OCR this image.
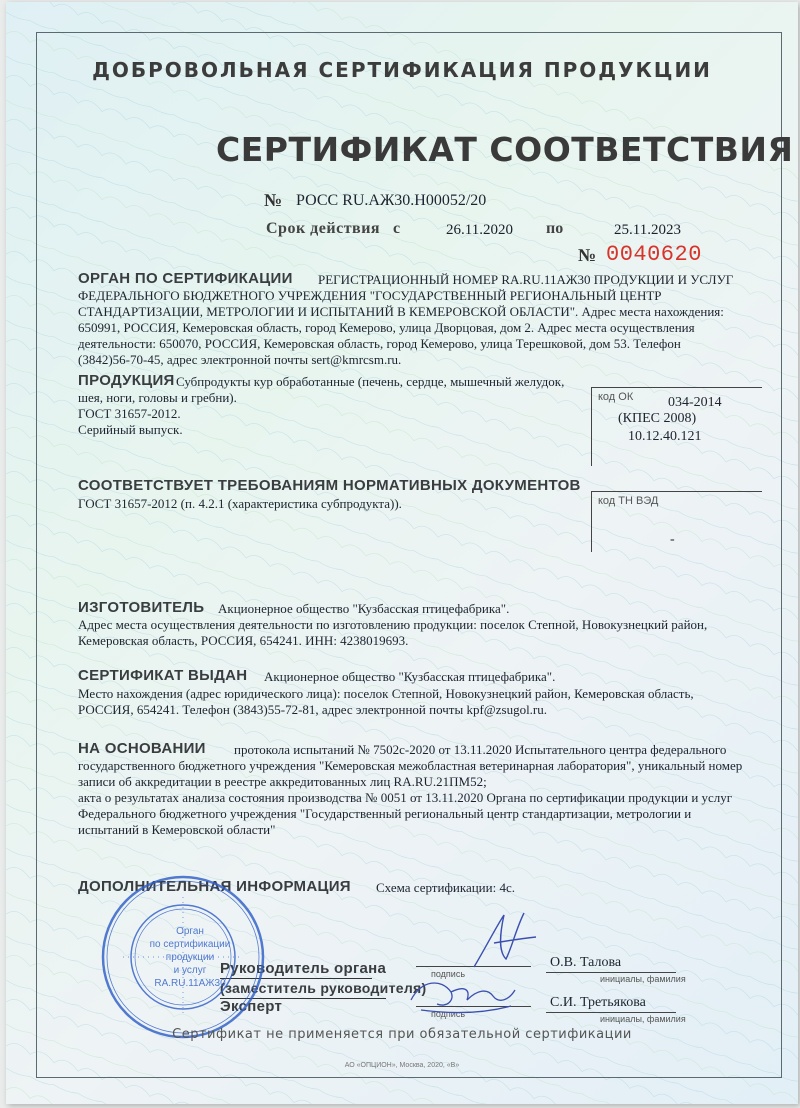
ДОБРОВОЛЬНАЯ СЕРТИФИКАЦИЯ ПРОДУКЦИИ
СЕРТИФИКАТ СООТВЕТСТВИЯ
№ РОСС RU.АЖ30.Н00052/20
Срок действия с	26.11.2020 по	25.11.2023
№ 0040620
ОРГАН ПО СЕРТИФИКАЦИИ РЕГИСТРАЦИОННЫЙ НОМЕР RA.RU.11АЖ30 ПРОДУКЦИИ И УСЛУГ
ФЕДЕРАЛЬНОГО БЮДЖЕТНОГО УЧРЕЖДЕНИЯ "ГОСУДАРСТВЕННЫЙ РЕГИОНАЛЬНЫЙ ЦЕНТР
СТАНДАРТИЗАЦИИ, МЕТРОЛОГИИ И ИСПЫТАНИЙ В КЕМЕРОВСКОЙ ОБЛАСТИ". Адрес места нахождения:
650991, РОССИЯ, Кемеровская область, город Кемерово, улица Дворцовая, дом 2. Адрес места осуществления
деятельности: 650070, РОССИЯ, Кемеровская область, город Кемерово, улица Терешковой, дом 53. Телефон
(3842)56-70-45, адрес электронной почты sert@kmrcsm.ru.
ПРОДУКЦИЯ Субпродукты кур обработанные (печень, сердце, мышечный желудок,
шея, ноги, головы и гребни).
ГОСТ 31657-2012.
Серийный выпуск.
код ОК 034-2014
(КПЕС 2008)
10.12.40.121
СООТВЕТСТВУЕТ ТРЕБОВАНИЯМ НОРМАТИВНЫХ ДОКУМЕНТОВ
ГОСТ 31657-2012 (п. 4.2.1 (характеристика субпродукта)).	код ТН ВЭД
-
ИЗГОТОВИТЕЛЬ Акционерное общество "Кузбасская птицефабрика".
Адрес места осуществления деятельности по изготовлению продукции: поселок Степной, Новокузнецкий район,
Кемеровская область, РОССИЯ, 654241. ИНН: 4238019693.
СЕРТИФИКАТ ВЫДАН Акционерное общество "Кузбасская птицефабрика".
Место нахождения (адрес юридического лица): поселок Степной, Новокузнецкий район, Кемеровская область,
РОССИЯ, 654241. Телефон (3843)55-72-81, адрес электронной почты kpf@zsugol.ru.
НА ОСНОВАНИИ протокола испытаний № 7502с-2020 от 13.11.2020 Испытательного центра федерального
государственного бюджетного учреждения "Кемеровская межобластная ветеринарная лаборатория", уникальный номер
записи об аккредитации в реестре аккредитованных лиц RA.RU.21ПМ52;
акта о результатах анализа состояния производства № 0051 от 13.11.2020 Органа по сертификации продукции и услуг
Федерального бюджетного учреждения "Государственный региональный центр стандартизации, метрологии и
испытаний в Кемеровской области"
ДОПОЛНИТЕЛЬНАЯ ИНФОРМАЦИЯ Схема сертификации: 4с.
Руководитель органа
(заместитель руководителя)
Эксперт
подпись
подпись
О.В. Талова
инициалы, фамилия
С.И. Третьякова
инициалы, фамилия
Орган
по сертификации
продукции
и услуг
RA.RU.11АЖ30
Сертификат не применяется при обязательной сертификации
АО «ОПЦИОН», Москва, 2020, «В»
